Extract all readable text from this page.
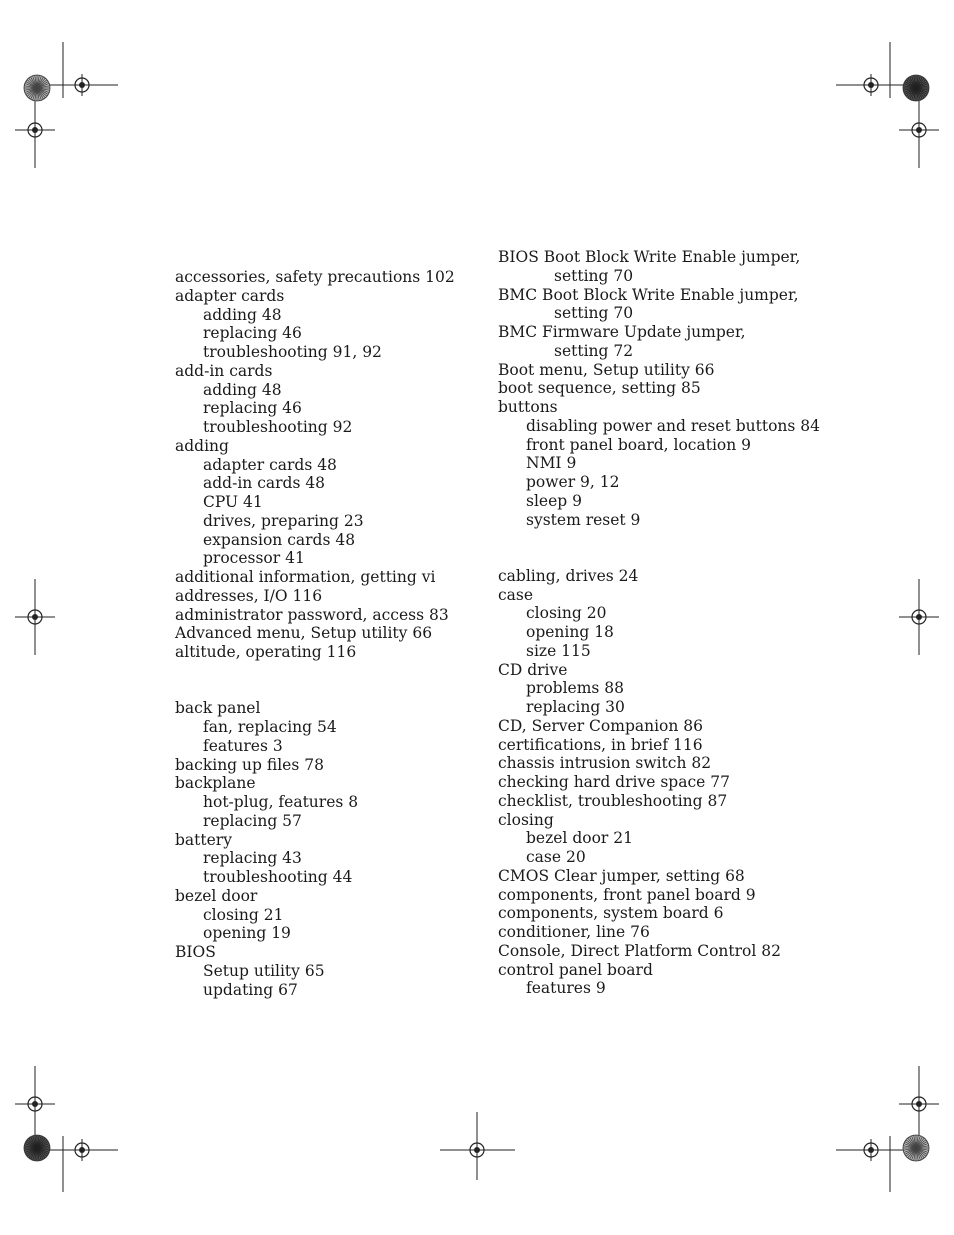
accessories, safety precautions 102
adapter cards
adding 48
replacing 46
troubleshooting 91, 92
add-in cards
adding 48
replacing 46
troubleshooting 92
adding
adapter cards 48
add-in cards 48
CPU 41
drives, preparing 23
expansion cards 48
processor 41
additional information, getting vi
addresses, I/O 116
administrator password, access 83
Advanced menu, Setup utility 66
altitude, operating 116
back panel
fan, replacing 54
features 3
backing up files 78
backplane
hot-plug, features 8
replacing 57
battery
replacing 43
troubleshooting 44
bezel door
closing 21
opening 19
BIOS
Setup utility 65
updating 67
BIOS Boot Block Write Enable jumper,
setting 70
BMC Boot Block Write Enable jumper,
setting 70
BMC Firmware Update jumper,
setting 72
Boot menu, Setup utility 66
boot sequence, setting 85
buttons
disabling power and reset buttons 84
front panel board, location 9
NMI 9
power 9, 12
sleep 9
system reset 9
cabling, drives 24
case
closing 20
opening 18
size 115
CD drive
problems 88
replacing 30
CD, Server Companion 86
certifications, in brief 116
chassis intrusion switch 82
checking hard drive space 77
checklist, troubleshooting 87
closing
bezel door 21
case 20
CMOS Clear jumper, setting 68
components, front panel board 9
components, system board 6
conditioner, line 76
Console, Direct Platform Control 82
control panel board
features 9
